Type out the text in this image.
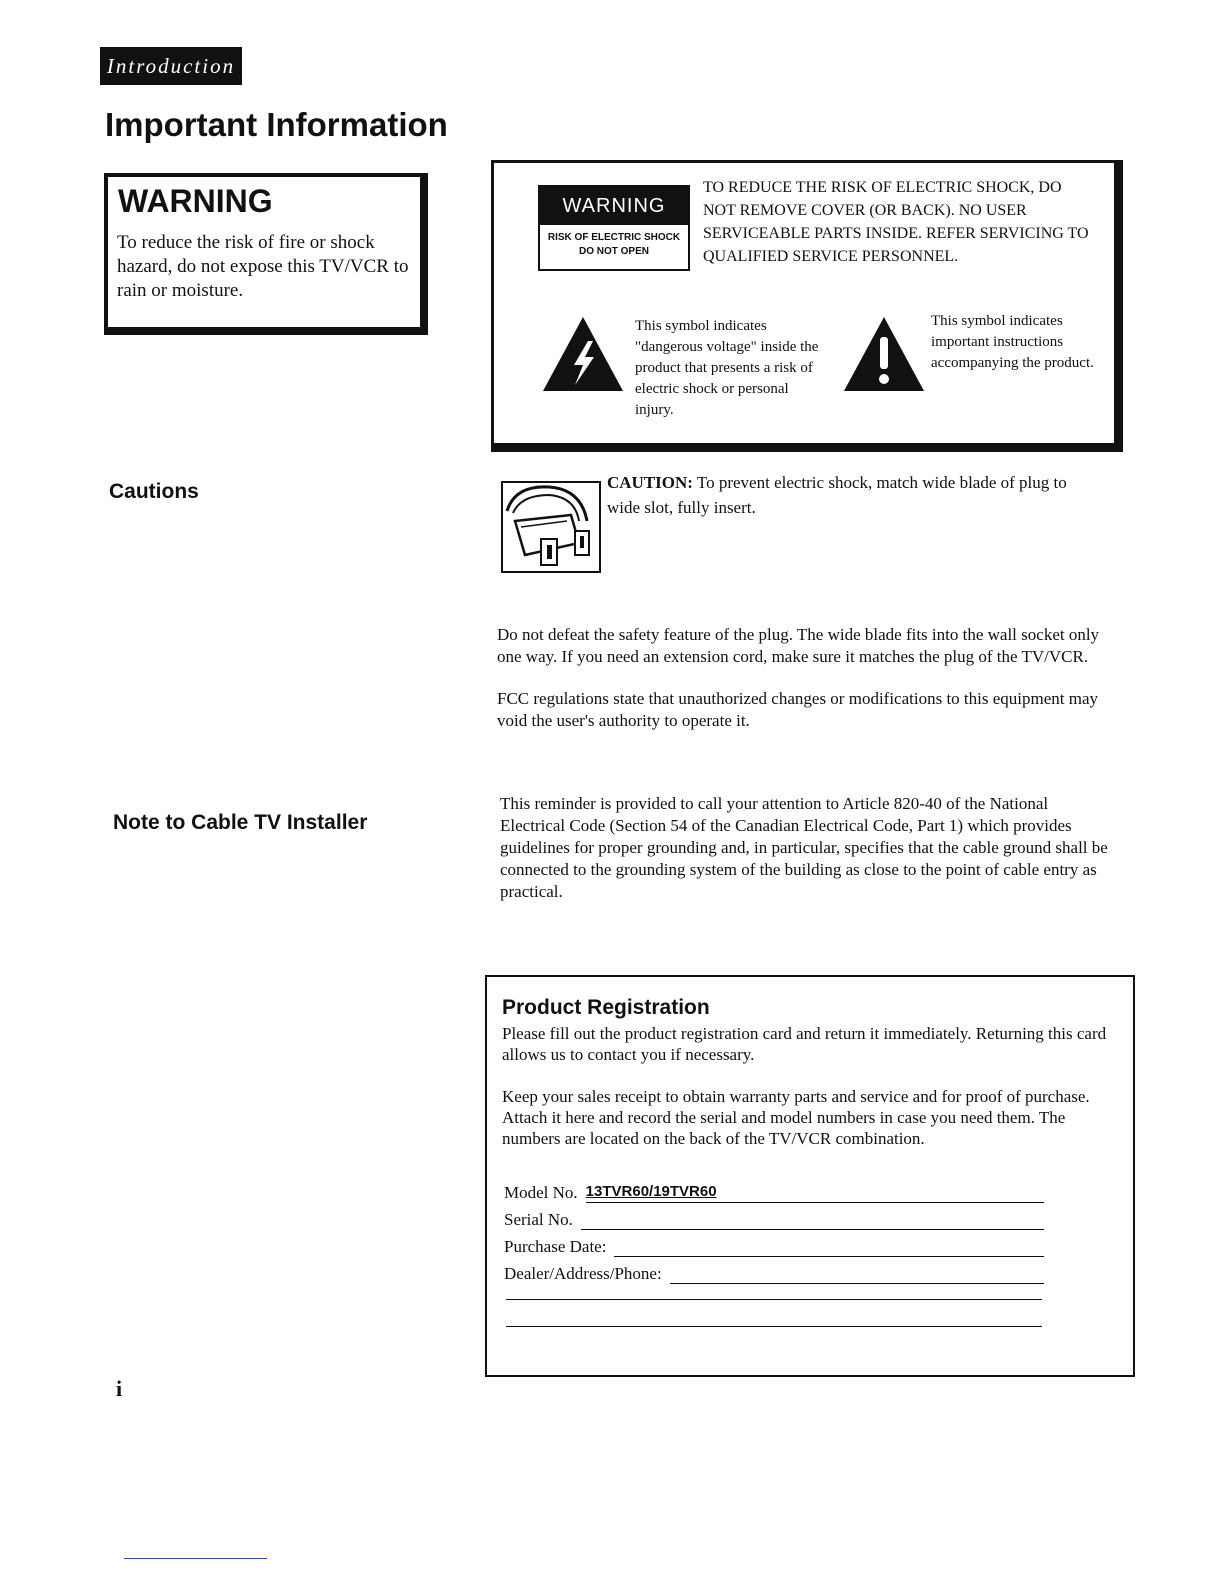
Introduction
Important Information
WARNING

To reduce the risk of fire or shock hazard, do not expose this TV/VCR to rain or moisture.

WARNING
RISK OF ELECTRIC SHOCK
DO NOT OPEN

TO REDUCE THE RISK OF ELECTRIC SHOCK, DO NOT REMOVE COVER (OR BACK). NO USER SERVICEABLE PARTS INSIDE. REFER SERVICING TO QUALIFIED SERVICE PERSONNEL.

This symbol indicates "dangerous voltage" inside the product that presents a risk of electric shock or personal injury.

This symbol indicates important instructions accompanying the product.

Cautions	CAUTION: To prevent electric shock, match wide blade of plug to wide slot, fully insert.

Do not defeat the safety feature of the plug. The wide blade fits into the wall socket only one way. If you need an extension cord, make sure it matches the plug of the TV/VCR.

FCC regulations state that unauthorized changes or modifications to this equipment may void the user's authority to operate it.

Note to Cable TV Installer

This reminder is provided to call your attention to Article 820-40 of the National Electrical Code (Section 54 of the Canadian Electrical Code, Part 1) which provides guidelines for proper grounding and, in particular, specifies that the cable ground shall be connected to the grounding system of the building as close to the point of cable entry as practical.

Product Registration

Please fill out the product registration card and return it immediately. Returning this card allows us to contact you if necessary.

Keep your sales receipt to obtain warranty parts and service and for proof of purchase. Attach it here and record the serial and model numbers in case you need them. The numbers are located on the back of the TV/VCR combination.

Model No. 13TVR60/19TVR60
Serial No.
Purchase Date:
Dealer/Address/Phone:

i
